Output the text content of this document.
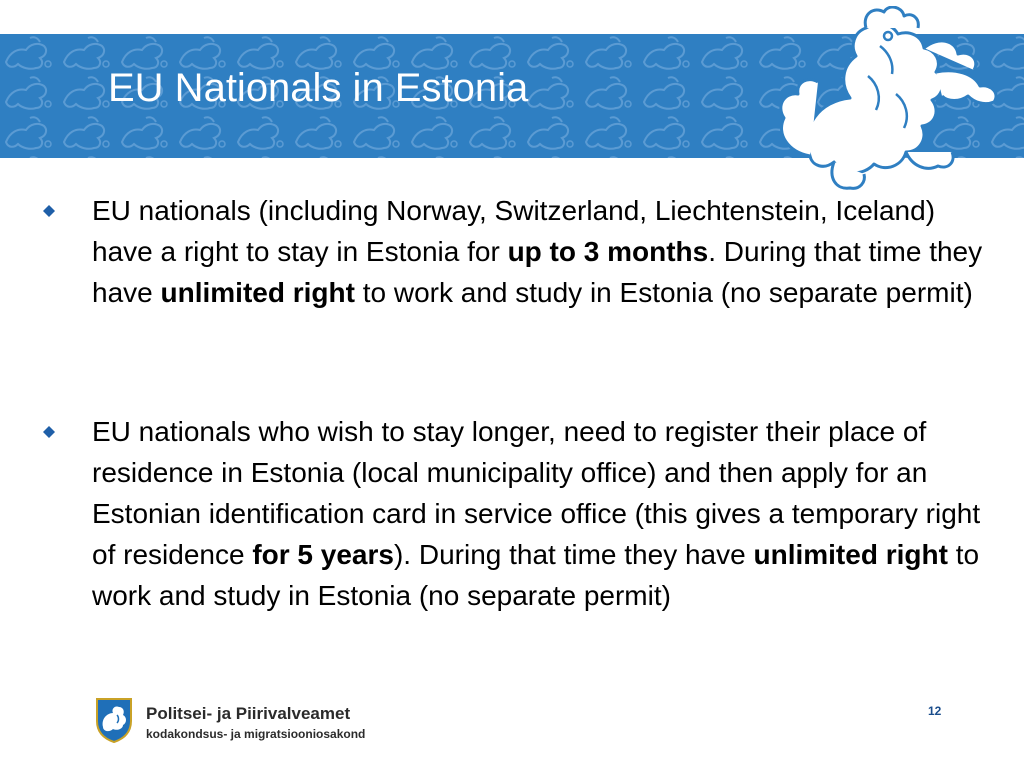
EU Nationals in Estonia
EU nationals (including Norway, Switzerland, Liechtenstein, Iceland) have a right to stay in Estonia for up to 3 months. During that time they have unlimited right to work and study in Estonia (no separate permit)
EU nationals who wish to stay longer, need to register their place of residence in Estonia (local municipality office) and then apply for an Estonian identification card in service office (this gives a temporary right of residence for 5 years). During that time they have unlimited right to work and study in Estonia (no separate permit)
Politsei- ja Piirivalveamet
kodakondsus- ja migratsiooniosakond
12
